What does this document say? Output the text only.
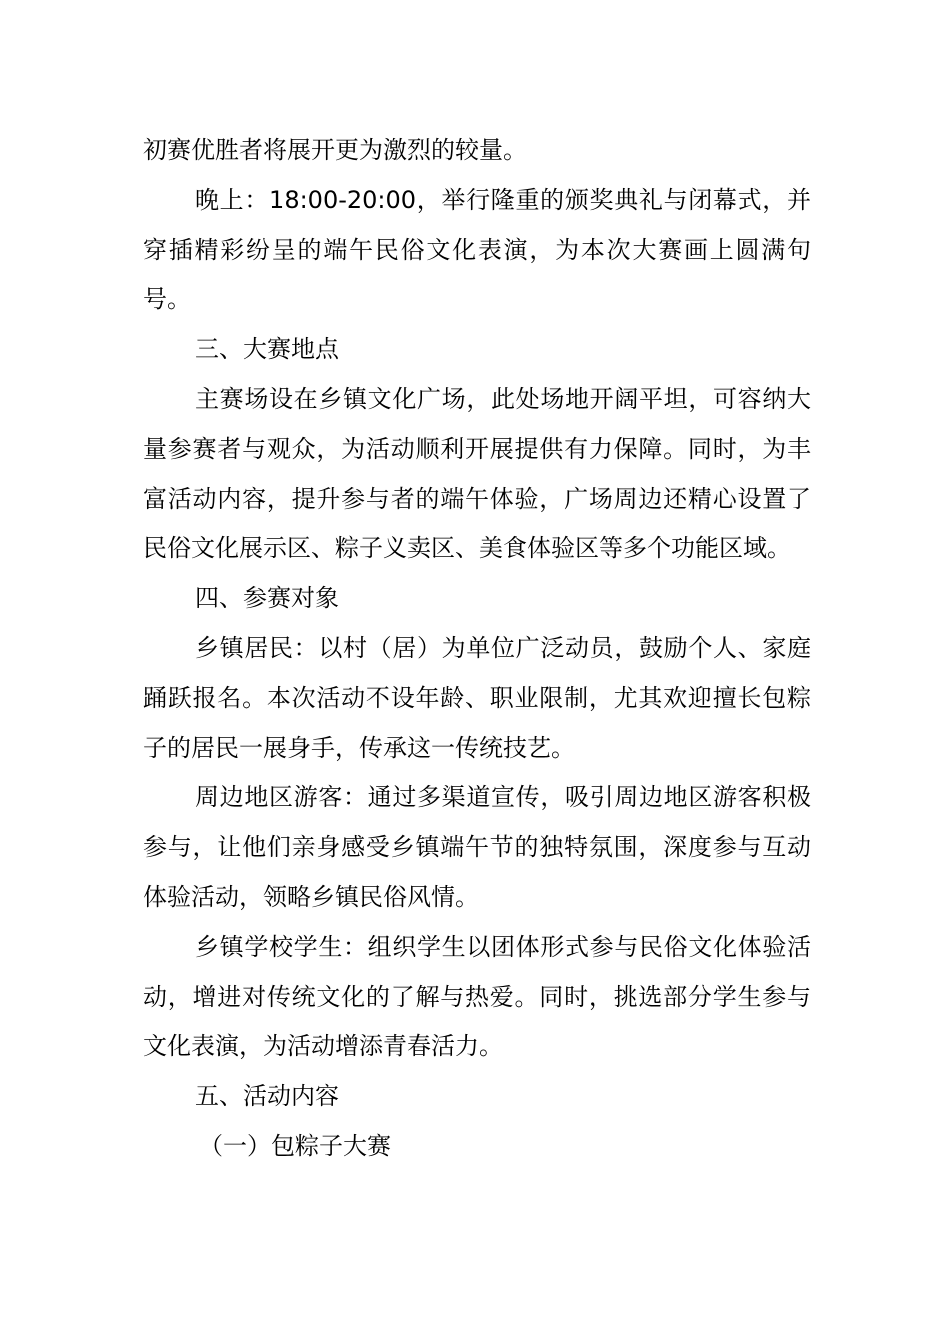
初赛优胜者将展开更为激烈的较量。

晚上：18:00-20:00，举行隆重的颁奖典礼与闭幕式，并穿插精彩纷呈的端午民俗文化表演，为本次大赛画上圆满句号。

三、大赛地点

主赛场设在乡镇文化广场，此处场地开阔平坦，可容纳大量参赛者与观众，为活动顺利开展提供有力保障。同时，为丰富活动内容，提升参与者的端午体验，广场周边还精心设置了民俗文化展示区、粽子义卖区、美食体验区等多个功能区域。

四、参赛对象

乡镇居民：以村（居）为单位广泛动员，鼓励个人、家庭踊跃报名。本次活动不设年龄、职业限制，尤其欢迎擅长包粽子的居民一展身手，传承这一传统技艺。

周边地区游客：通过多渠道宣传，吸引周边地区游客积极参与，让他们亲身感受乡镇端午节的独特氛围，深度参与互动体验活动，领略乡镇民俗风情。

乡镇学校学生：组织学生以团体形式参与民俗文化体验活动，增进对传统文化的了解与热爱。同时，挑选部分学生参与文化表演，为活动增添青春活力。

五、活动内容

（一）包粽子大赛
